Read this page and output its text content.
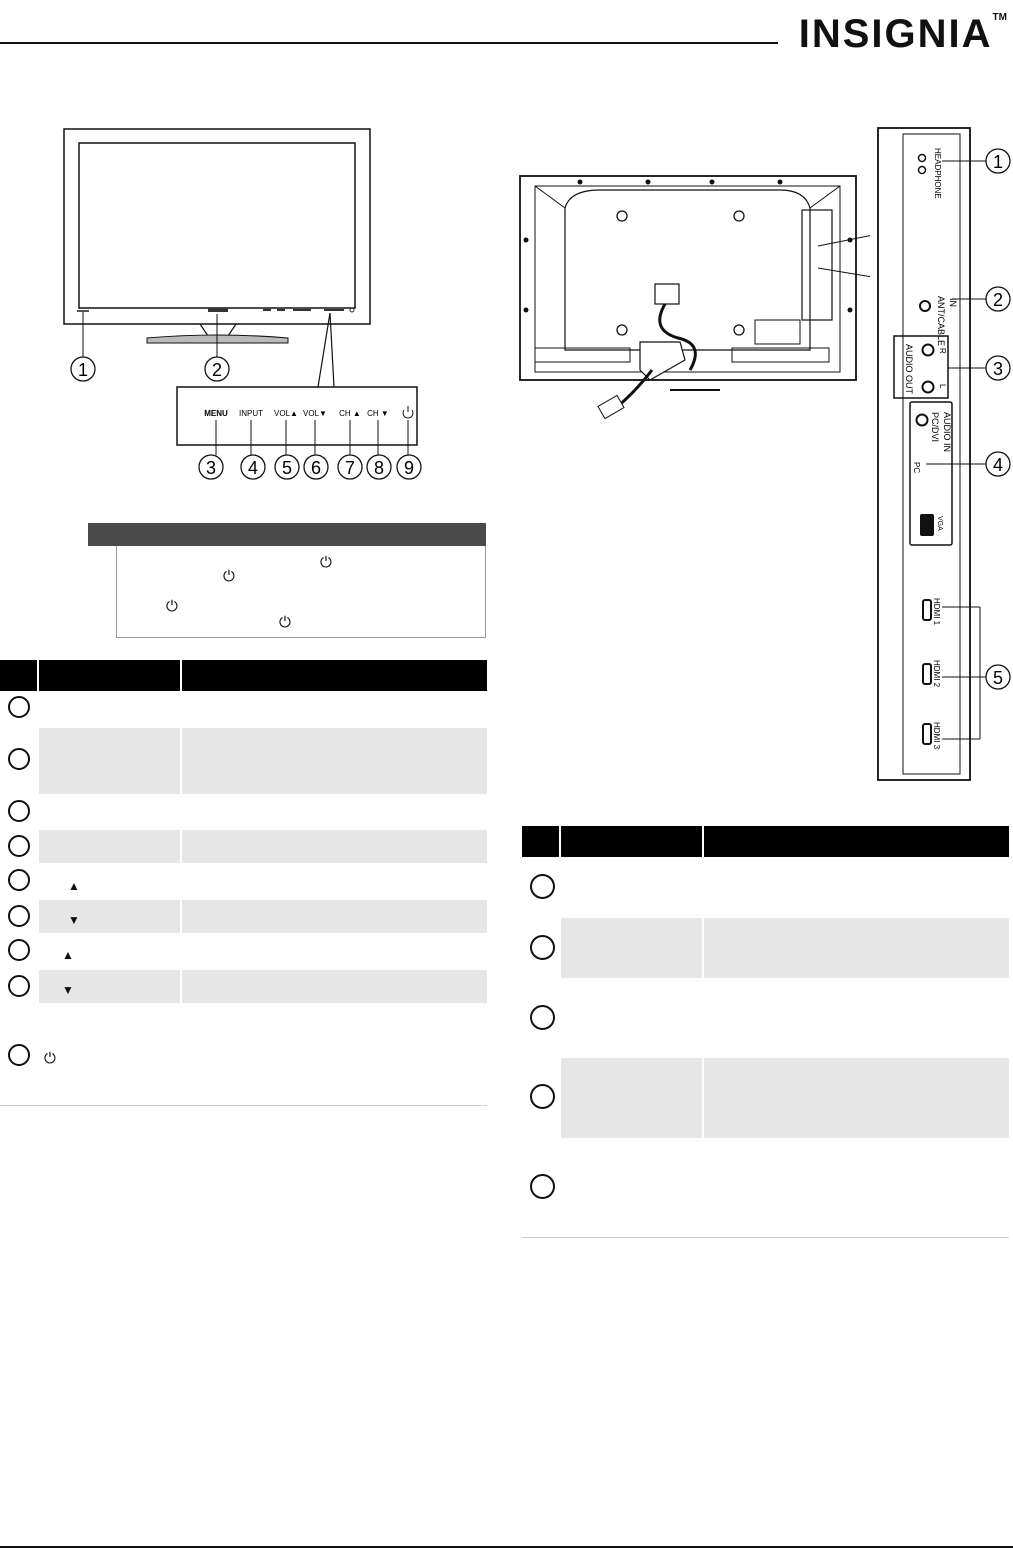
INSIGNIA™
1	2
MENU INPUT VOL▲ VOL▼ CH ▲ CH ▼
3 4 5 6 7 8 9
⏻
⏻
⏻
⏻
▲
▼
▲
▼
⏻
HEADPHONE
ANT/CABLE IN
AUDIO OUT	R
L
PC/DVI AUDIO IN
PC
VGA
HDMI 1
HDMI 2
HDMI 3
1
2
3
4
5
